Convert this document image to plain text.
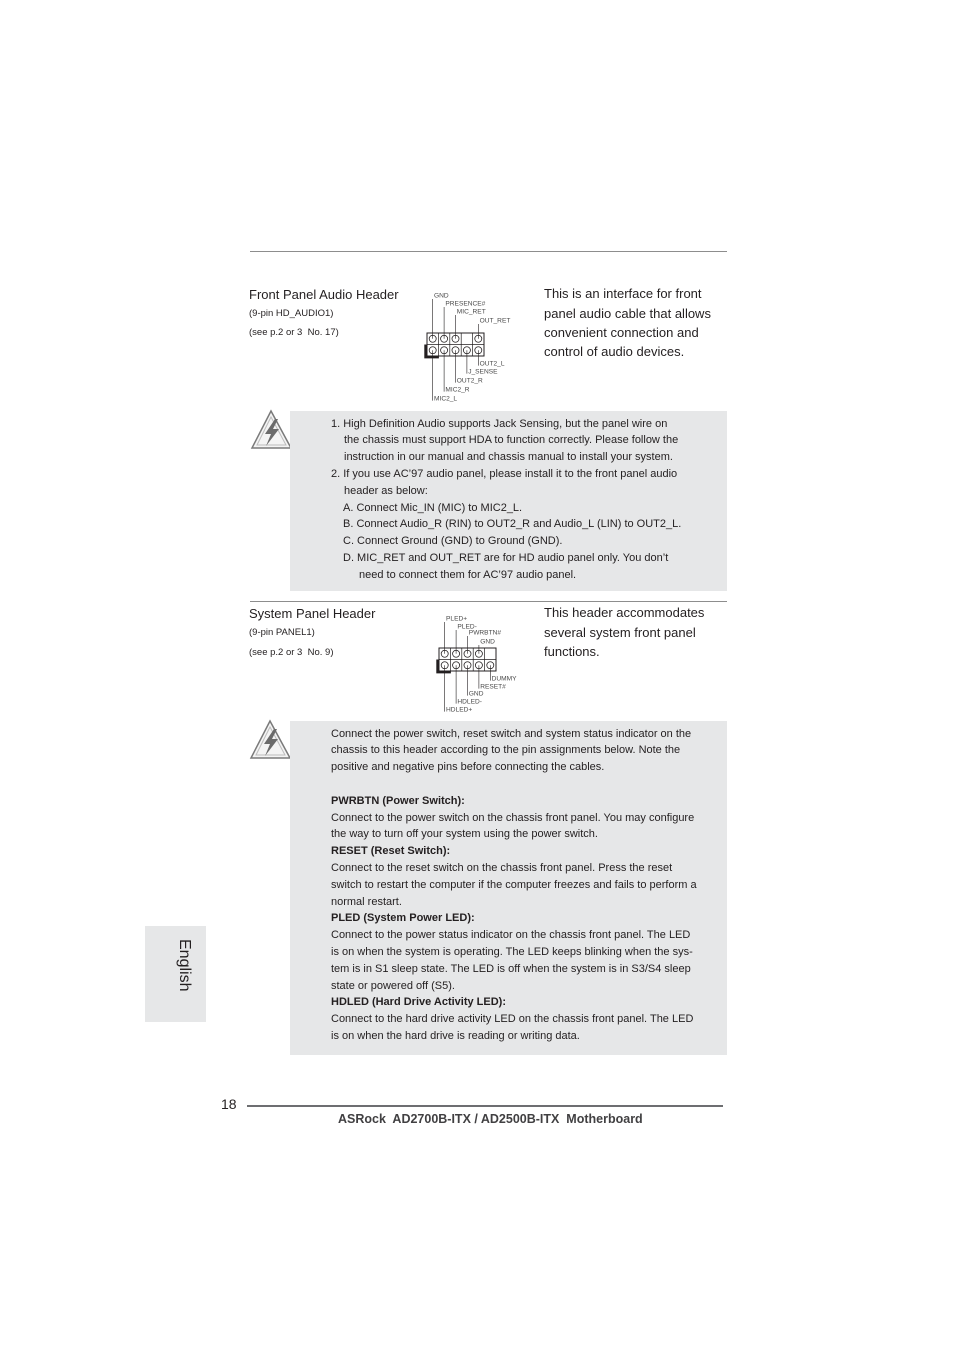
Front Panel Audio Header
(9-pin HD_AUDIO1)
(see p.2 or 3  No. 17)
GND
PRESENCE#
MIC_RET
OUT_RET
OUT2_L
J_SENSE
OUT2_R
MIC2_R
MIC2_L
This is an interface for front
panel audio cable that allows
convenient connection and
control of audio devices.
1. High Definition Audio supports Jack Sensing, but the panel wire on
the chassis must support HDA to function correctly. Please follow the
instruction in our manual and chassis manual to install your system.
2. If you use AC’97 audio panel, please install it to the front panel audio
header as below:
A. Connect Mic_IN (MIC) to MIC2_L.
B. Connect Audio_R (RIN) to OUT2_R and Audio_L (LIN) to OUT2_L.
C. Connect Ground (GND) to Ground (GND).
D. MIC_RET and OUT_RET are for HD audio panel only. You don’t
need to connect them for AC’97 audio panel.
System Panel Header
(9-pin PANEL1)
(see p.2 or 3  No. 9)
PLED+
PLED-
PWRBTN#
GND
DUMMY
RESET#
GND
HDLED-
HDLED+
This header accommodates
several system front panel
functions.
Connect the power switch, reset switch and system status indicator on the
chassis to this header according to the pin assignments below. Note the
positive and negative pins before connecting the cables.
PWRBTN (Power Switch):
Connect to the power switch on the chassis front panel. You may configure
the way to turn off your system using the power switch.
RESET (Reset Switch):
Connect to the reset switch on the chassis front panel. Press the reset
switch to restart the computer if the computer freezes and fails to perform a
normal restart.
PLED (System Power LED):
Connect to the power status indicator on the chassis front panel. The LED
is on when the system is operating. The LED keeps blinking when the sys-
tem is in S1 sleep state. The LED is off when the system is in S3/S4 sleep
state or powered off (S5).
HDLED (Hard Drive Activity LED):
Connect to the hard drive activity LED on the chassis front panel. The LED
is on when the hard drive is reading or writing data.
English
18
ASRock  AD2700B-ITX / AD2500B-ITX  Motherboard
